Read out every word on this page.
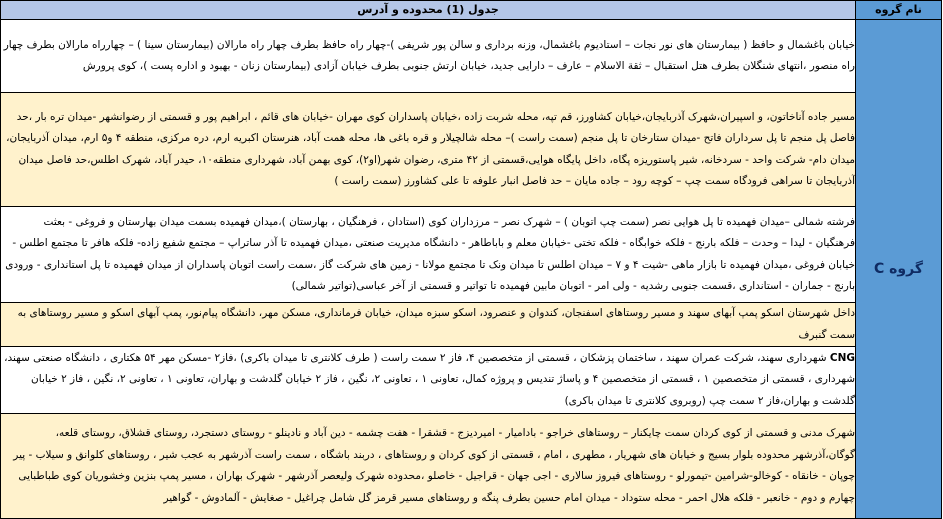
نام گروه	جدول (1) محدوده و آدرس
گروه C	خیابان باغشمال و حافظ ( بیمارستان های نور نجات – استادیوم باغشمال، وزنه برداری و سالن پور شریفی )-چهار راه حافظ بطرف چهار راه مارالان (بیمارستان سینا ) – چهارراه مارالان بطرف چهار راه منصور ،انتهای شنگلان بطرف هتل استقبال – ثقة الاسلام – عارف – دارایی جدید، خیابان ارتش جنوبی بطرف خیابان آزادی (بیمارستان زنان - بهبود و اداره پست )، کوی پرورش
	مسیر جاده آناخاتون، و اسپیران،شهرک آذربایجان،خیابان کشاورز، قم تپه، محله شربت زاده ،خیابان پاسداران کوی مهران -خیابان های قائم ، ابراهیم پور و قسمتی از رضوانشهر -میدان تره بار ،حد فاصل پل منجم تا پل سرداران فاتح -میدان ستارخان تا پل منجم (سمت راست )– محله شالچیلار و قره باغی ها، محله همت آباد، هنرستان اکبریه ارم، دره مرکزی، منطقه ۴ و۵ ارم، میدان آذربایجان، میدان دام- شرکت واحد - سردخانه، شیر پاستوریزه پگاه، داخل پایگاه هوایی،قسمتی از ۴۲ متری، رضوان شهر(او۲)، کوی بهمن آباد، شهرداری منطقه۱۰، حیدر آباد، شهرک اطلس،حد فاصل میدان آذربایجان تا سراهی فرودگاه سمت چپ – کوچه رود – جاده مایان – حد فاصل انبار علوفه تا علی کشاورز (سمت راست )
	فرشته شمالی –میدان فهمیده تا پل هوایی نصر (سمت چپ اتوبان ) – شهرک نصر – مرزداران کوی (استادان ، فرهنگیان ، بهارستان )،میدان فهمیده بسمت میدان بهارستان و فروغی - بعثت فرهنگیان - لیدا – وحدت – فلکه بارنج - فلکه خوابگاه - فلکه تختی -خیابان معلم و باباطاهر - دانشگاه مدیریت صنعتی ،میدان فهمیده تا آذر ساتراپ – مجتمع شفیع زاده- فلکه هافر تا مجتمع اطلس - خیابان فروغی ،میدان فهمیده تا بازار ماهی -شیت ۴ و ۷ – میدان اطلس تا میدان ونک تا مجتمع مولانا - زمین های شرکت گاز ،سمت راست اتوبان پاسداران از میدان فهمیده تا پل استانداری - ورودی بارنج - جماران - استانداری ،قسمت جنوبی رشدیه - ولی امر - اتوبان مابین فهمیده تا تواتیر و قسمتی از آخر عباسی(تواتیر شمالی)
	داخل شهرستان اسکو پمپ آبهای سهند و مسیر روستاهای اسفنجان، کندوان و عنصرود، اسکو سبزه میدان، خیابان فرمانداری، مسکن مهر، دانشگاه پیام‌نور، پمپ آبهای اسکو و مسیر روستاهای به سمت گنبرف
	CNG شهرداری سهند، شرکت عمران سهند ، ساختمان پزشکان ، قسمتی از متخصصین ۴، فاز ۲ سمت راست ( طرف کلانتری تا میدان باکری) ،فاز۲ -مسکن مهر ۵۴ هکتاری ، دانشگاه صنعتی سهند، شهرداری ، قسمتی از متخصصین ۱ ، قسمتی از متخصصین ۴ و پاساژ تندیس و پروژه کمال، تعاونی ۱ ، تعاونی ۲، نگین ، فاز ۲ خیابان گلدشت و بهاران، تعاونی ۱ ، تعاونی ۲، نگین ، فاز ۲ خیابان گلدشت و بهاران،فاز ۲ سمت چپ (روبروی کلانتری تا میدان باکری)
	شهرک مدنی و قسمتی از کوی کردان سمت چایکنار – روستاهای خراجو - بادامیار - امیردیزج - قشقرا - هفت چشمه - دین آباد و نادینلو - روستای دستجرد، روستای قشلاق، روستای قلعه، گوگان،آذرشهر محدوده بلوار بسیج و خیابان های شهریار ، مطهری ، امام ، قسمتی از کوی کردان و روستاهای ، دربند باشگاه ، سمت راست آذرشهر به عجب شیر ، روستاهای کلوانق و سیلاب - پیر چوپان - خانقاه - کوخالو-شرامین -تیمورلو - روستاهای فیروز سالاری - اجی جهان - قراجیل - خاصلو ،محدوده شهرک ولیعصر آذرشهر - شهرک بهاران ، مسیر پمپ بنزین وخشوریان کوی طباطبایی چهارم و دوم - خانعبر - فلکه هلال احمر - محله ستوداد - میدان امام حسین بطرف پنگه و روستاهای مسیر قرمز گل شامل چراغیل - صغایش - آلمادوش - گواهیر
